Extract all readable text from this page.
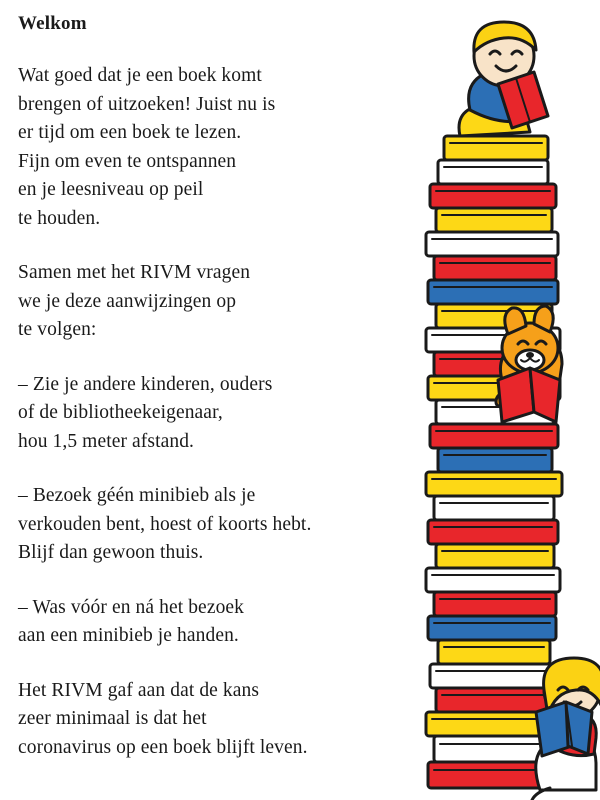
Welkom

Wat goed dat je een boek komt
brengen of uitzoeken! Juist nu is
er tijd om een boek te lezen.
Fijn om even te ontspannen
en je leesniveau op peil
te houden.

Samen met het RIVM vragen
we je deze aanwijzingen op
te volgen:

– Zie je andere kinderen, ouders
of de bibliotheekeigenaar,
hou 1,5 meter afstand.

– Bezoek géén minibieb als je
verkouden bent, hoest of koorts hebt.
Blijf dan gewoon thuis.

– Was vóór en ná het bezoek
aan een minibieb je handen.

Het RIVM gaf aan dat de kans
zeer minimaal is dat het
coronavirus op een boek blijft leven.
